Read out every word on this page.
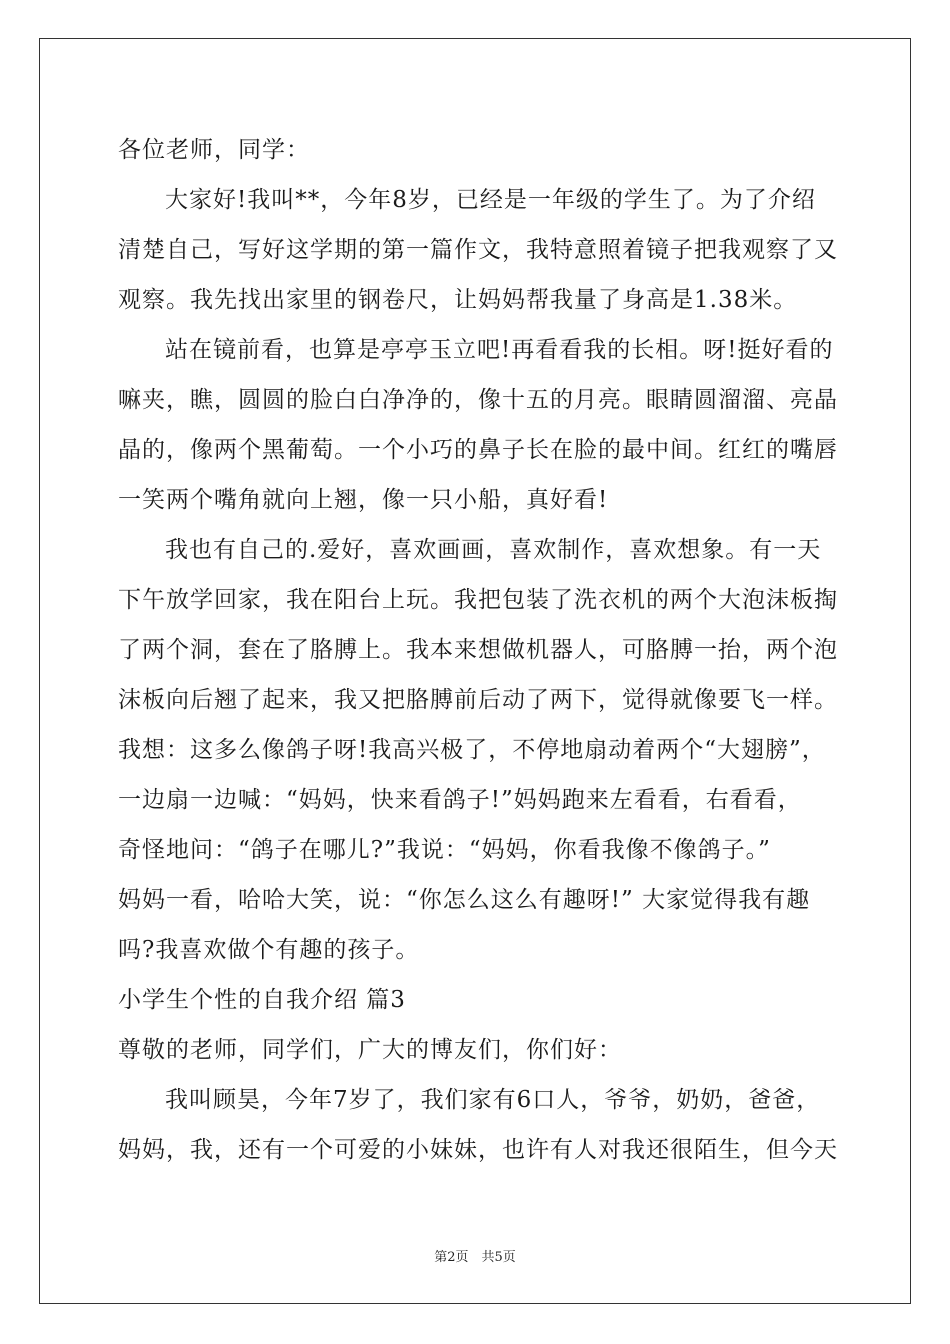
各位老师，同学：
大家好!我叫**，今年8岁，已经是一年级的学生了。为了介绍
清楚自己，写好这学期的第一篇作文，我特意照着镜子把我观察了又
观察。我先找出家里的钢卷尺，让妈妈帮我量了身高是1.38米。
站在镜前看，也算是亭亭玉立吧!再看看我的长相。呀!挺好看的
嘛夹，瞧，圆圆的脸白白净净的，像十五的月亮。眼睛圆溜溜、亮晶
晶的，像两个黑葡萄。一个小巧的鼻子长在脸的最中间。红红的嘴唇
一笑两个嘴角就向上翘，像一只小船，真好看!
我也有自己的.爱好，喜欢画画，喜欢制作，喜欢想象。有一天
下午放学回家，我在阳台上玩。我把包装了洗衣机的两个大泡沫板掏
了两个洞，套在了胳膊上。我本来想做机器人，可胳膊一抬，两个泡
沫板向后翘了起来，我又把胳膊前后动了两下，觉得就像要飞一样。
我想：这多么像鸽子呀!我高兴极了，不停地扇动着两个“大翅膀”，
一边扇一边喊：“妈妈，快来看鸽子!”妈妈跑来左看看，右看看，
奇怪地问：“鸽子在哪儿?”我说：“妈妈，你看我像不像鸽子。”
妈妈一看，哈哈大笑，说：“你怎么这么有趣呀!” 大家觉得我有趣
吗?我喜欢做个有趣的孩子。
小学生个性的自我介绍 篇3
尊敬的老师，同学们，广大的博友们，你们好：
我叫顾昊，今年7岁了，我们家有6口人，爷爷，奶奶，爸爸，
妈妈，我，还有一个可爱的小妹妹，也许有人对我还很陌生，但今天
第2页　共5页
